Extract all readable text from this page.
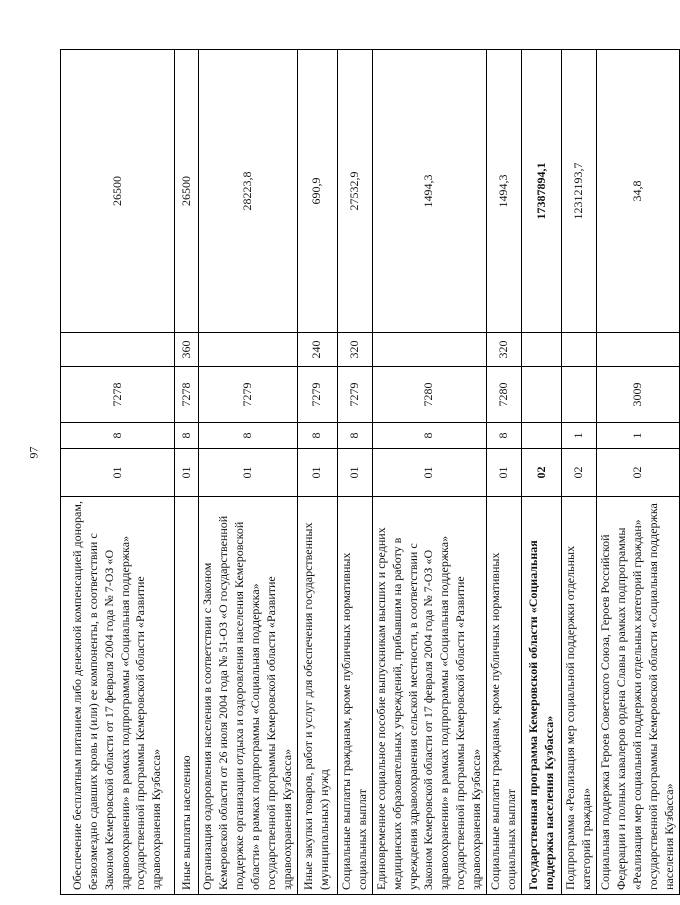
97
Обеспечение бесплатным питанием либо денежной компенсацией донорам, безвозмездно сдавших кровь и (или) ее компоненты, в соответствии с Законом Кемеровской области от 17 февраля 2004 года № 7-ОЗ «О здравоохранении» в рамках подпрограммы «Социальная поддержка» государственной программы Кемеровской области «Развитие здравоохранения Кузбасса»	01	8	7278		26500
Иные выплаты населению	01	8	7278	360	26500
Организация оздоровления населения в соответствии с Законом Кемеровской области от 26 июля 2004 года № 51-ОЗ «О государственной поддержке организации отдыха и оздоровления населения Кемеровской области» в рамках подпрограммы «Социальная поддержка» государственной программы Кемеровской области «Развитие здравоохранения Кузбасса»	01	8	7279		28223,8
Иные закупки товаров, работ и услуг для обеспечения государственных (муниципальных) нужд	01	8	7279	240	690,9
Социальные выплаты гражданам, кроме публичных нормативных социальных выплат	01	8	7279	320	27532,9
Единовременное социальное пособие выпускникам высших и средних медицинских образовательных учреждений, прибывшим на работу в учреждения здравоохранения сельской местности, в соответствии с Законом Кемеровской области от 17 февраля 2004 года № 7-ОЗ «О здравоохранении» в рамках подпрограммы «Социальная поддержка» государственной программы Кемеровской области «Развитие здравоохранения Кузбасса»	01	8	7280		1494,3
Социальные выплаты гражданам, кроме публичных нормативных социальных выплат	01	8	7280	320	1494,3
Государственная программа Кемеровской области «Социальная поддержка населения Кузбасса»	02				17387894,1
Подпрограмма «Реализация мер социальной поддержки отдельных категорий граждан»	02	1			12312193,7
Социальная поддержка Героев Советского Союза, Героев Российской Федерации и полных кавалеров ордена Славы в рамках подпрограммы «Реализация мер социальной поддержки отдельных категорий граждан» государственной программы Кемеровской области «Социальная поддержка населения Кузбасса»	02	1	3009		34,8
